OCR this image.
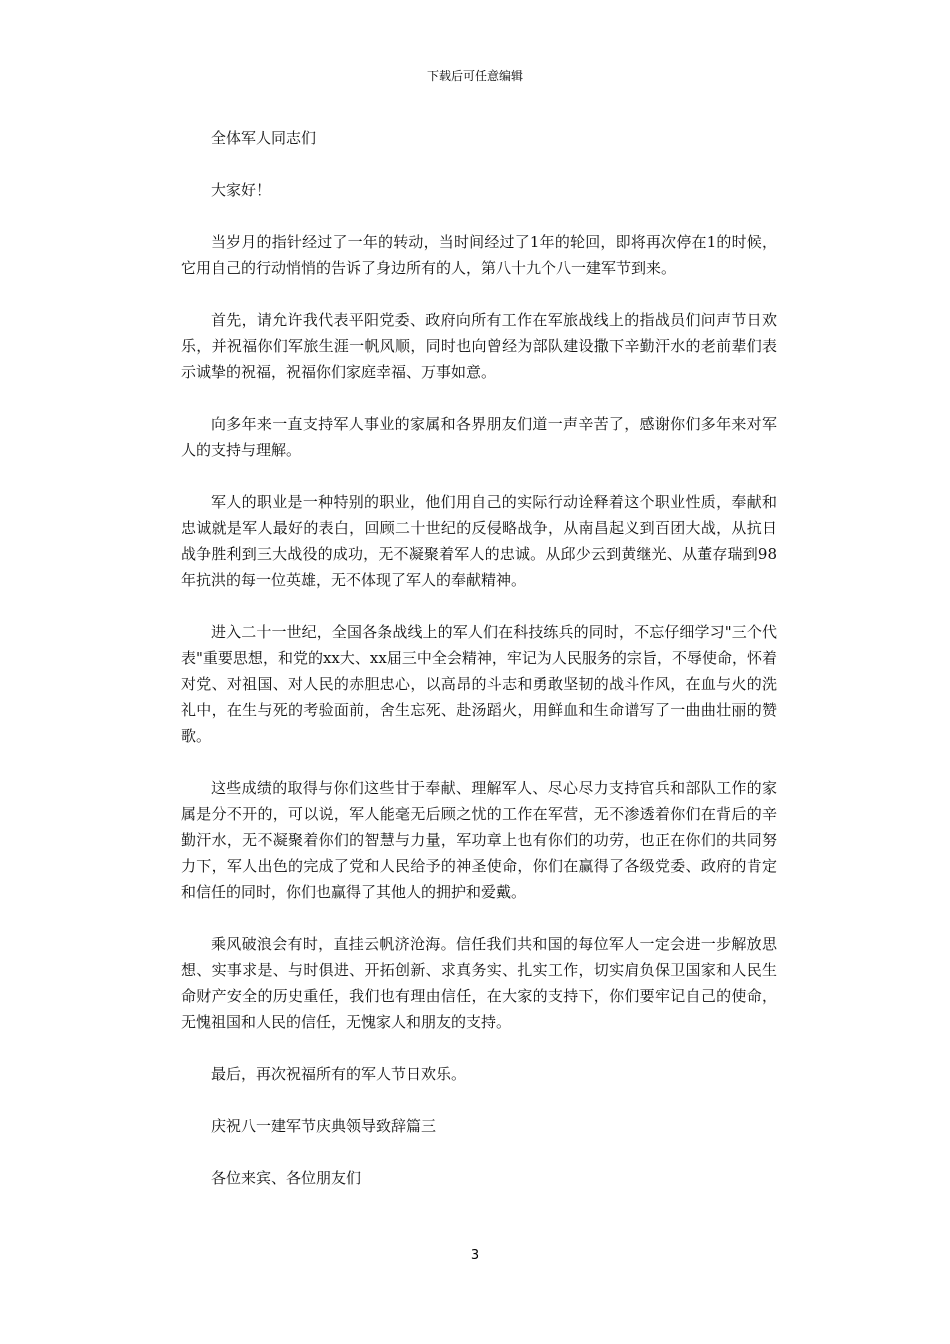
下载后可任意编辑

全体军人同志们

大家好！

当岁月的指针经过了一年的转动，当时间经过了1年的轮回，即将再次停在1的时候，它用自己的行动悄悄的告诉了身边所有的人，第八十九个八一建军节到来。

首先，请允许我代表平阳党委、政府向所有工作在军旅战线上的指战员们问声节日欢乐，并祝福你们军旅生涯一帆风顺，同时也向曾经为部队建设撒下辛勤汗水的老前辈们表示诚挚的祝福，祝福你们家庭幸福、万事如意。

向多年来一直支持军人事业的家属和各界朋友们道一声辛苦了，感谢你们多年来对军人的支持与理解。

军人的职业是一种特别的职业，他们用自己的实际行动诠释着这个职业性质，奉献和忠诚就是军人最好的表白，回顾二十世纪的反侵略战争，从南昌起义到百团大战，从抗日战争胜利到三大战役的成功，无不凝聚着军人的忠诚。从邱少云到黄继光、从董存瑞到98年抗洪的每一位英雄，无不体现了军人的奉献精神。

进入二十一世纪，全国各条战线上的军人们在科技练兵的同时，不忘仔细学习"三个代表"重要思想，和党的xx大、xx届三中全会精神，牢记为人民服务的宗旨，不辱使命，怀着对党、对祖国、对人民的赤胆忠心，以高昂的斗志和勇敢坚韧的战斗作风，在血与火的洗礼中，在生与死的考验面前，舍生忘死、赴汤蹈火，用鲜血和生命谱写了一曲曲壮丽的赞歌。

这些成绩的取得与你们这些甘于奉献、理解军人、尽心尽力支持官兵和部队工作的家属是分不开的，可以说，军人能毫无后顾之忧的工作在军营，无不渗透着你们在背后的辛勤汗水，无不凝聚着你们的智慧与力量，军功章上也有你们的功劳，也正在你们的共同努力下，军人出色的完成了党和人民给予的神圣使命，你们在赢得了各级党委、政府的肯定和信任的同时，你们也赢得了其他人的拥护和爱戴。

乘风破浪会有时，直挂云帆济沧海。信任我们共和国的每位军人一定会进一步解放思想、实事求是、与时俱进、开拓创新、求真务实、扎实工作，切实肩负保卫国家和人民生命财产安全的历史重任，我们也有理由信任，在大家的支持下，你们要牢记自己的使命，无愧祖国和人民的信任，无愧家人和朋友的支持。

最后，再次祝福所有的军人节日欢乐。

庆祝八一建军节庆典领导致辞篇三

各位来宾、各位朋友们

3
